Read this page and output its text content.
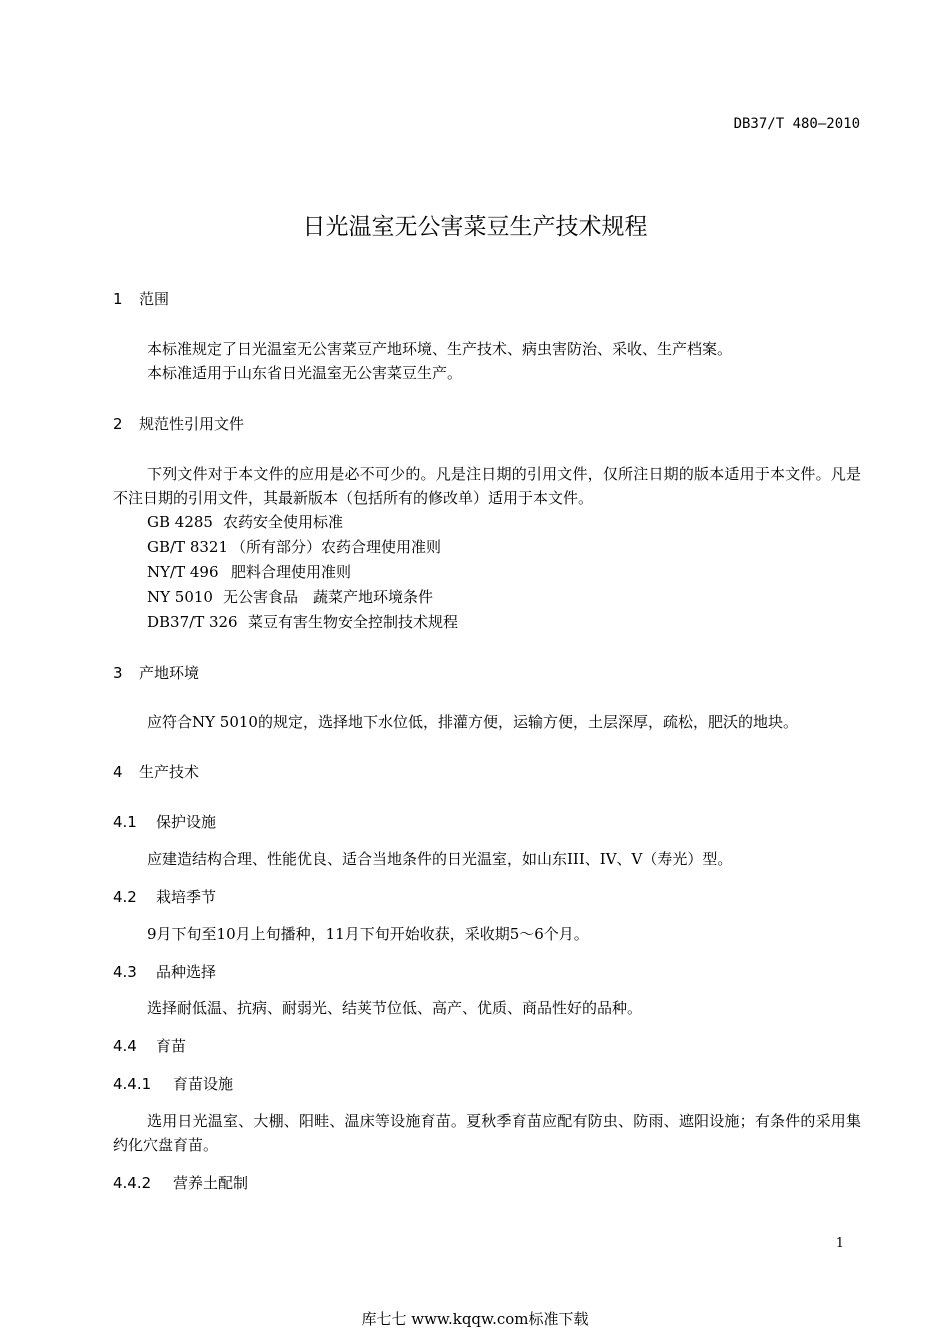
DB37/T 480—2010
日光温室无公害菜豆生产技术规程
1 范围
本标准规定了日光温室无公害菜豆产地环境、生产技术、病虫害防治、采收、生产档案。
本标准适用于山东省日光温室无公害菜豆生产。
2 规范性引用文件
下列文件对于本文件的应用是必不可少的。凡是注日期的引用文件，仅所注日期的版本适用于本文件。凡是不注日期的引用文件，其最新版本（包括所有的修改单）适用于本文件。
GB 4285 农药安全使用标准
GB/T 8321 （所有部分）农药合理使用准则
NY/T 496 肥料合理使用准则
NY 5010 无公害食品　蔬菜产地环境条件
DB37/T 326 菜豆有害生物安全控制技术规程
3 产地环境
应符合NY 5010的规定，选择地下水位低，排灌方便，运输方便，土层深厚，疏松，肥沃的地块。
4 生产技术
4.1 保护设施
应建造结构合理、性能优良、适合当地条件的日光温室，如山东III、IV、V（寿光）型。
4.2 栽培季节
9月下旬至10月上旬播种，11月下旬开始收获，采收期5～6个月。
4.3 品种选择
选择耐低温、抗病、耐弱光、结荚节位低、高产、优质、商品性好的品种。
4.4 育苗
4.4.1 育苗设施
选用日光温室、大棚、阳畦、温床等设施育苗。夏秋季育苗应配有防虫、防雨、遮阳设施；有条件的采用集约化穴盘育苗。
4.4.2 营养土配制
1
库七七 www.kqqw.com标准下载
